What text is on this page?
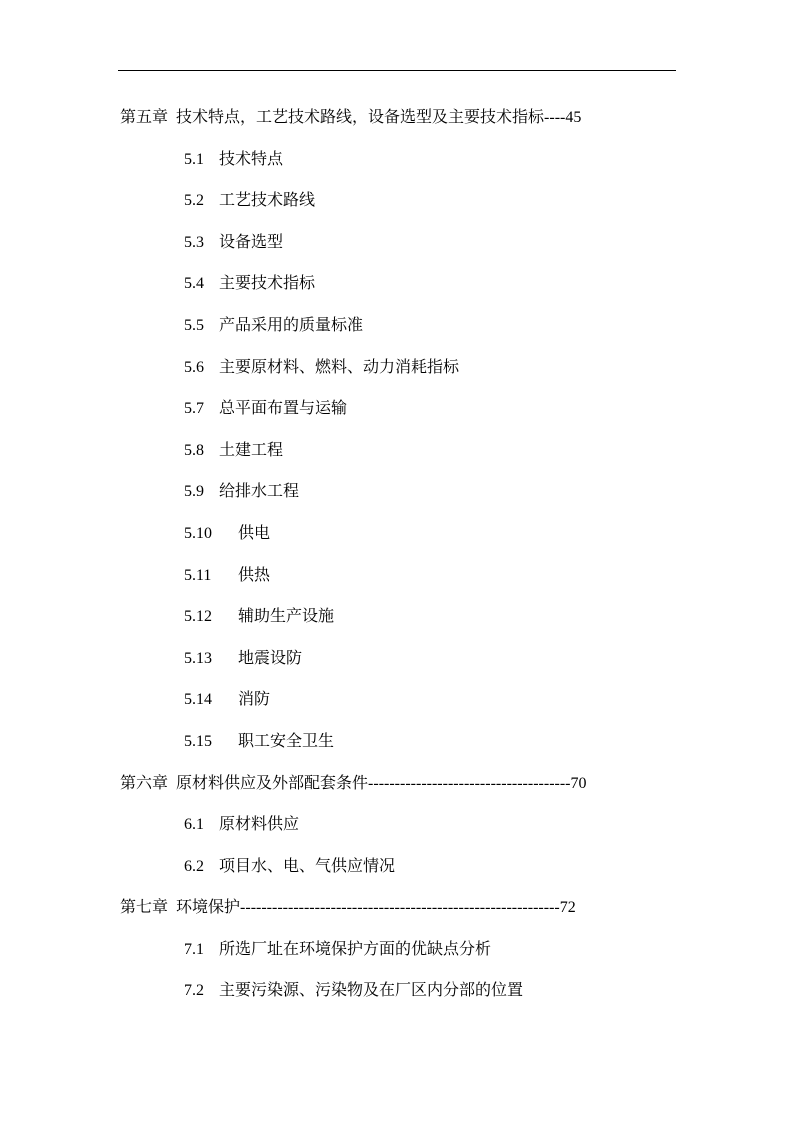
第五章 技术特点，工艺技术路线，设备选型及主要技术指标----45
5.1 技术特点
5.2 工艺技术路线
5.3 设备选型
5.4 主要技术指标
5.5 产品采用的质量标准
5.6 主要原材料、燃料、动力消耗指标
5.7 总平面布置与运输
5.8 土建工程
5.9 给排水工程
5.10 供电
5.11 供热
5.12 辅助生产设施
5.13 地震设防
5.14 消防
5.15 职工安全卫生
第六章 原材料供应及外部配套条件--------------------------------------70
6.1 原材料供应
6.2 项目水、电、气供应情况
第七章 环境保护------------------------------------------------------------72
7.1 所选厂址在环境保护方面的优缺点分析
7.2 主要污染源、污染物及在厂区内分部的位置
